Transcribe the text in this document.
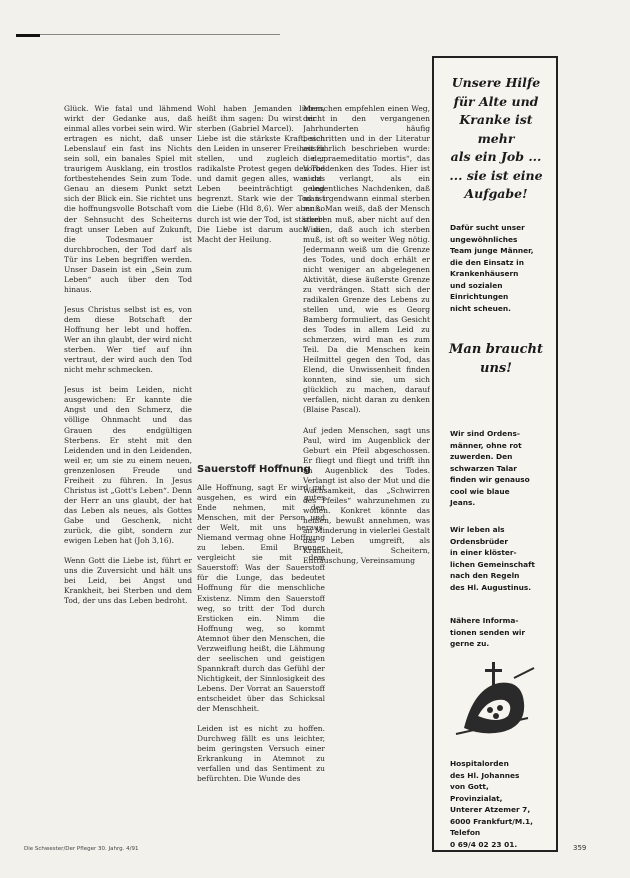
Glück. Wie fatal und lähmend wirkt der Gedanke aus, daß einmal alles vorbei sein wird. Wir ertragen es nicht, daß unser Lebenslauf ein fast ins Nichts sein soll, ein banales Spiel mit traurigem Ausklang, ein trostlos fortbestehendes Sein zum Tode. Genau an diesem Punkt setzt sich der Blick ein. Sie richtet uns die hoffnungsvolle Botschaft vom der Sehnsucht des Scheiterns fragt unser Leben auf Zukunft, die Todesmauer ist durchbrochen, der Tod darf als Tür ins Leben begriffen werden. Unser Dasein ist ein „Sein zum Leben“ auch über den Tod hinaus.

Jesus Christus selbst ist es, von dem diese Botschaft der Hoffnung her lebt und hoffen. Wer an ihn glaubt, der wird nicht sterben. Wer tief auf ihn vertraut, der wird auch den Tod nicht mehr schmecken.

Jesus ist beim Leiden, nicht ausgewichen: Er kannte die Angst und den Schmerz, die völlige Ohnmacht und das Grauen des endgültigen Sterbens. Er steht mit den Leidenden und in den Leidenden, weil er, um sie zu einem neuen, grenzenlosen Freude und Freiheit zu führen. In Jesus Christus ist „Gott's Leben“. Denn der Herr an uns glaubt, der hat das Leben als neues, als Gottes Gabe und Geschenk, nicht zurück, die gibt, sondern zur ewigen Leben hat (Joh 3,16).

Wenn Gott die Liebe ist, führt er uns die Zuversicht und hält uns bei Leid, bei Angst und Krankheit, bei Sterben und dem Tod, der uns das Leben bedroht.
Wohl haben Jemanden lieben, heißt ihm sagen: Du wirst nicht sterben (Gabriel Marcel).
Liebe ist die stärkste Kraft, sich den Leiden in unserer Freiheit zu stellen, und zugleich der radikalste Protest gegen den Tod und damit gegen alles, was das Leben beeinträchtigt und begrenzt. Stark wie der Tod ist die Liebe (Hld 8,6). Wer aber so durch ist wie der Tod, ist stärker! Die Liebe ist darum auch die Macht der Heilung.
Sauerstoff Hoffnung
Alle Hoffnung, sagt Er wird gut ausgehen, es wird ein gutes Ende nehmen, mit den Menschen, mit der Person und der Welt, mit uns heraus. Niemand vermag ohne Hoffnung zu leben. Emil Brunner vergleicht sie mit dem Sauerstoff: Was der Sauerstoff für die Lunge, das bedeutet Hoffnung für die menschliche Existenz. Nimm den Sauerstoff weg, so tritt der Tod durch Ersticken ein. Nimm die Hoffnung weg, so kommt Atemnot über den Menschen, die Verzweiflung heißt, die Lähmung der seelischen und geistigen Spannkraft durch das Gefühl der Nichtigkeit, der Sinnlosigkeit des Lebens. Der Vorrat an Sauerstoff entscheidet über das Schicksal der Menschheit.

Leiden ist es nicht zu hoffen. Durchweg fällt es uns leichter, beim geringsten Versuch einer Erkrankung in Atemnot zu verfallen und das Sentiment zu befürchten. Die Wunde des
Menschen empfehlen einen Weg, der in den vergangenen Jahrhunderten häufig beschritten und in der Literatur ausführlich beschrieben wurde: die „praemeditatio mortis“, das Vorbedenken des Todes. Hier ist nicht verlangt, als ein gelegentliches Nachdenken, daß man irgendwann einmal sterben muß. Man weiß, daß der Mensch sterben muß, aber nicht auf den Wissen, daß auch ich sterben muß, ist oft so weiter Weg nötig. Jedermann weiß um die Grenze des Todes, und doch erhält er nicht weniger an abgelegenen Aktivität, diese äußerste Grenze zu verdrängen. Statt sich der radikalen Grenze des Lebens zu stellen und, wie es Georg Bamberg formuliert, das Gesicht des Todes in allem Leid zu schmerzen, wird man es zum Teil. Da die Menschen kein Heilmittel gegen den Tod, das Elend, die Unwissenheit finden konnten, sind sie, um sich glücklich zu machen, darauf verfallen, nicht daran zu denken (Blaise Pascal).

Auf jeden Menschen, sagt uns Paul, wird im Augenblick der Geburt ein Pfeil abgeschossen. Er fliegt und fliegt und trifft ihn im Augenblick des Todes. Verlangt ist also der Mut und die Wachsamkeit, das „Schwirren des Pfeiles“ wahrzunehmen zu wollen. Konkret könnte das heißen, bewußt annehmen, was an Minderung in vielerlei Gestalt das Leben umgreift, als Krankheit, Scheitern, Enttäuschung, Vereinsamung
Unsere Hilfe
für Alte und
Kranke ist mehr
als ein Job ...
... sie ist eine
Aufgabe!
Dafür sucht unser
ungewöhnliches
Team junge Männer,
die den Einsatz in
Krankenhäusern
und sozialen
Einrichtungen
nicht scheuen.
Man braucht
uns!
Wir sind Ordens-
männer, ohne rot
zuwerden. Den
schwarzen Talar
finden wir genauso
cool wie blaue
Jeans.
Wir leben als
Ordensbrüder
in einer klöster-
lichen Gemeinschaft
nach den Regeln
des Hl. Augustinus.
Nähere Informa-
tionen senden wir
gerne zu.
Hospitalorden
des Hl. Johannes
von Gott,
Provinzialat,
Unterer Atzemer 7,
6000 Frankfurt/M.1,
Telefon
0 69/4 02 23 01.
Die Schwester/Der Pfleger 30. Jahrg. 4/91	359
